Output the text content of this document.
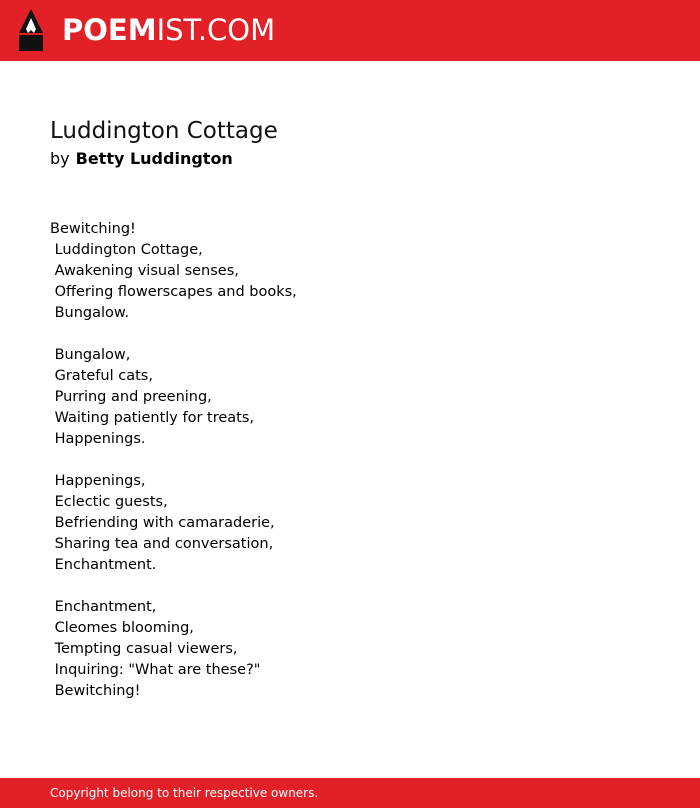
POEMIST.COM
Luddington Cottage
by Betty Luddington
Bewitching!
Luddington Cottage,
Awakening visual senses,
Offering flowerscapes and books,
Bungalow.
Bungalow,
Grateful cats,
Purring and preening,
Waiting patiently for treats,
Happenings.
Happenings,
Eclectic guests,
Befriending with camaraderie,
Sharing tea and conversation,
Enchantment.
Enchantment,
Cleomes blooming,
Tempting casual viewers,
Inquiring: "What are these?"
Bewitching!
Copyright belong to their respective owners.
